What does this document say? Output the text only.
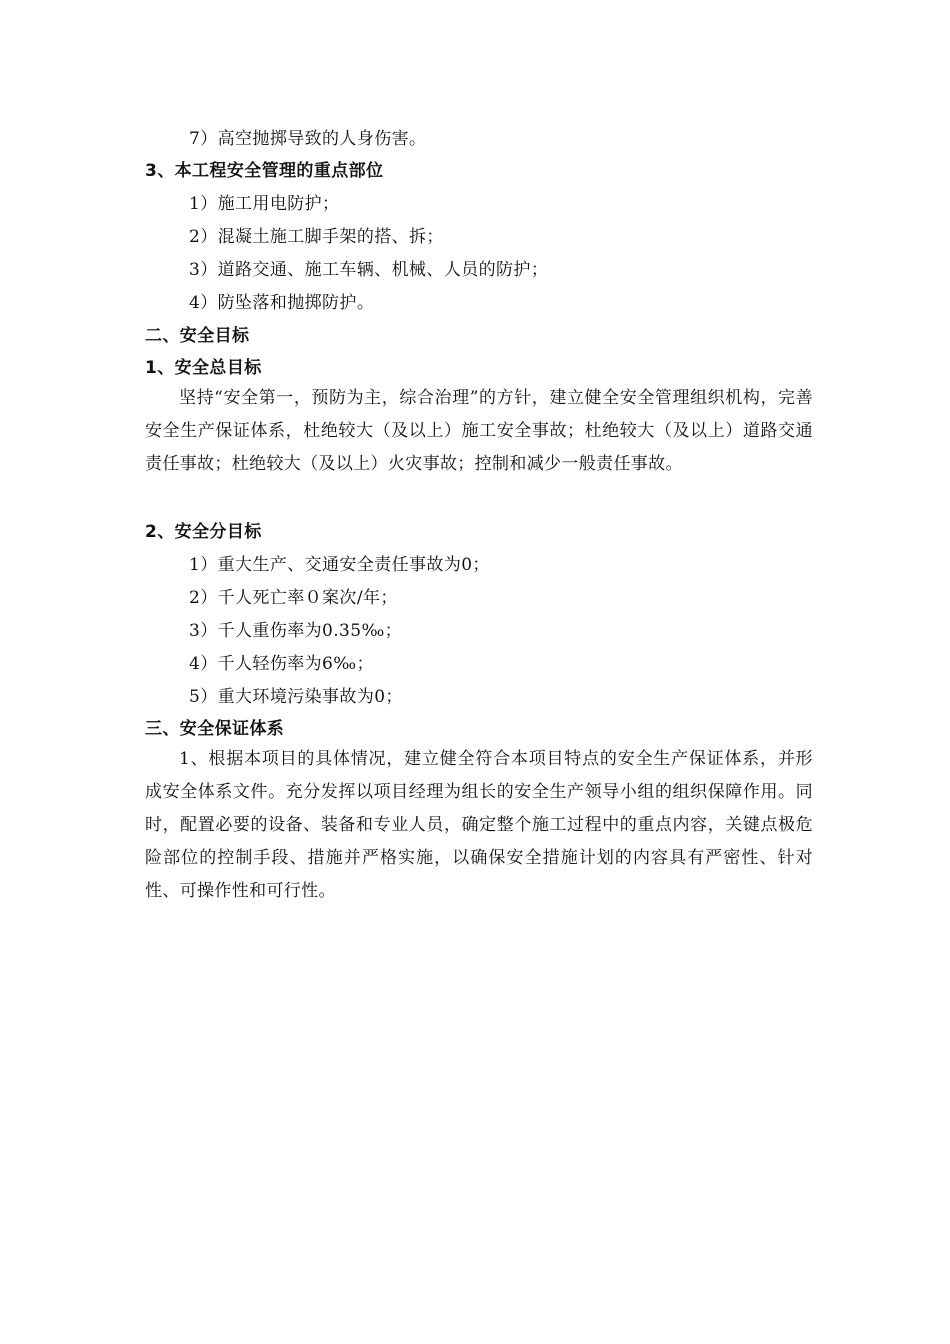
7）高空抛掷导致的人身伤害。
3、本工程安全管理的重点部位
1）施工用电防护；
2）混凝土施工脚手架的搭、拆；
3）道路交通、施工车辆、机械、人员的防护；
4）防坠落和抛掷防护。
二、安全目标
1、安全总目标
坚持“安全第一，预防为主，综合治理”的方针，建立健全安全管理组织机构，完善安全生产保证体系，杜绝较大（及以上）施工安全事故；杜绝较大（及以上）道路交通责任事故；杜绝较大（及以上）火灾事故；控制和减少一般责任事故。
2、安全分目标
1）重大生产、交通安全责任事故为0；
2）千人死亡率０案次/年；
3）千人重伤率为0.35‰；
4）千人轻伤率为6‰；
5）重大环境污染事故为0；
三、安全保证体系
1、根据本项目的具体情况，建立健全符合本项目特点的安全生产保证体系，并形成安全体系文件。充分发挥以项目经理为组长的安全生产领导小组的组织保障作用。同时，配置必要的设备、装备和专业人员，确定整个施工过程中的重点内容，关键点极危险部位的控制手段、措施并严格实施，以确保安全措施计划的内容具有严密性、针对性、可操作性和可行性。
